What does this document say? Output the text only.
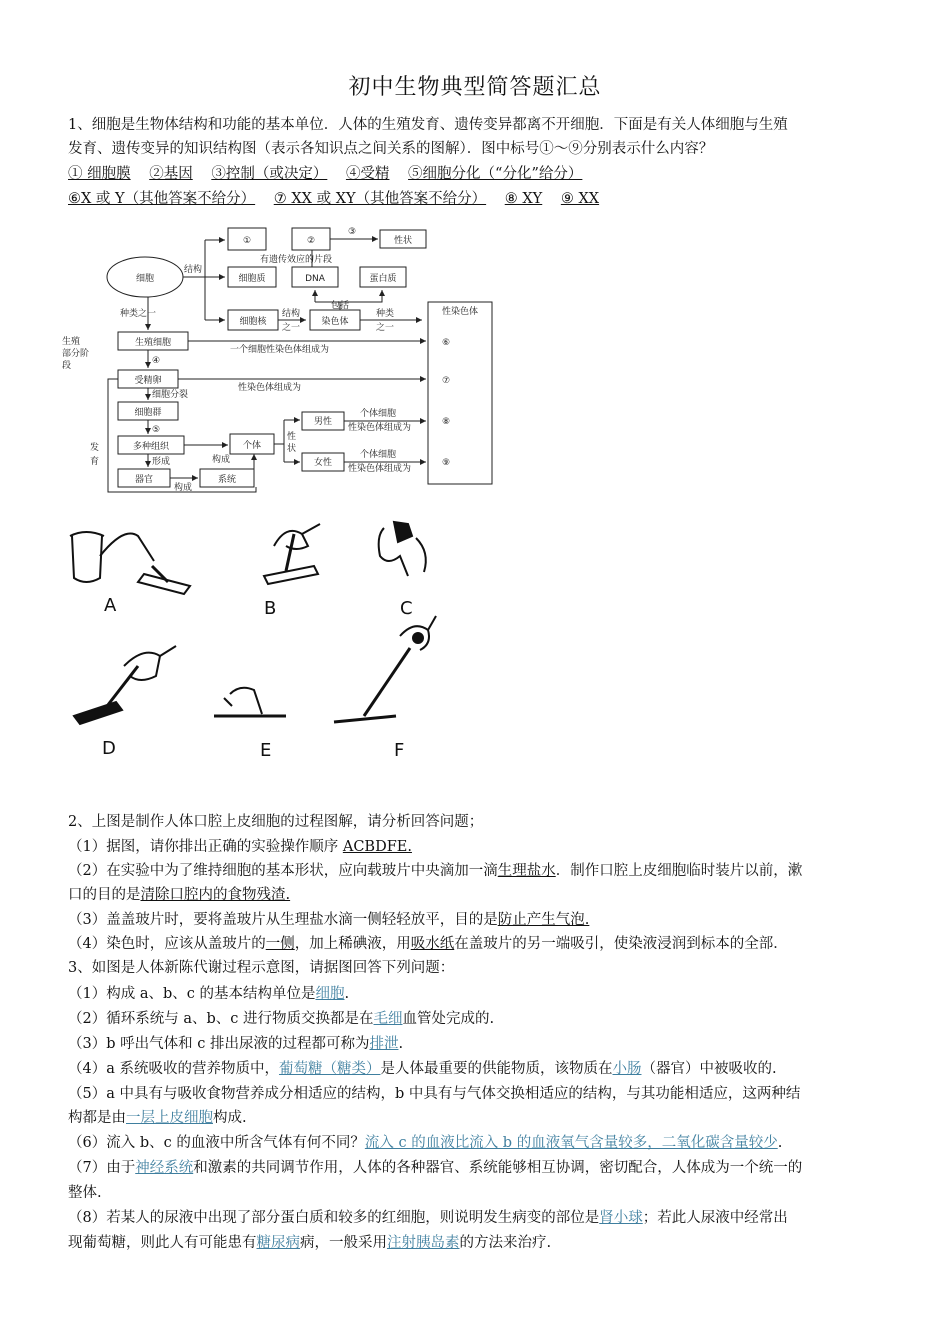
初中生物典型简答题汇总
1、细胞是生物体结构和功能的基本单位．人体的生殖发育、遗传变异都离不开细胞．下面是有关人体细胞与生殖
发育、遗传变异的知识结构图（表示各知识点之间关系的图解）．图中标号①～⑨分别表示什么内容？
① 细胞膜 ②基因 ③控制（或决定） ④受精 ⑤细胞分化（“分化”给分）
⑥X 或 Y（其他答案不给分） ⑦ XX 或 XY（其他答案不给分） ⑧ XY ⑨ XX
细胞
结构
①	②
③
性状
有遗传效应的片段
细胞质	DNA	蛋白质
包括
细胞核
结构
之一
染色体
种类
之一
性染色体
种类之一
生殖
部分阶
段
生殖细胞
④
一个细胞性染色体组成为
⑥
受精卵
性染色体组成为
⑦
细胞分裂
细胞群
⑤
多种组织
形成
发
育
器官
构成
构成
系统
个体
性
状
男性
女性
个体细胞
性染色体组成为
⑧
个体细胞
性染色体组成为
⑨
A	B	C
D	E	F
2、上图是制作人体口腔上皮细胞的过程图解，请分析回答问题；
（1）据图，请你排出正确的实验操作顺序 ACBDFE.
（2）在实验中为了维持细胞的基本形状，应向载玻片中央滴加一滴生理盐水．制作口腔上皮细胞临时装片以前，漱
口的目的是清除口腔内的食物残渣.
（3）盖盖玻片时，要将盖玻片从生理盐水滴一侧轻轻放平，目的是防止产生气泡.
（4）染色时，应该从盖玻片的一侧，加上稀碘液，用吸水纸在盖玻片的另一端吸引，使染液浸润到标本的全部．
3、如图是人体新陈代谢过程示意图，请据图回答下列问题：
（1）构成 a、b、c 的基本结构单位是细胞.
（2）循环系统与 a、b、c 进行物质交换都是在毛细血管处完成的.
（3）b 呼出气体和 c 排出尿液的过程都可称为排泄.
（4）a 系统吸收的营养物质中，葡萄糖（糖类）是人体最重要的供能物质，该物质在小肠（器官）中被吸收的.
（5）a 中具有与吸收食物营养成分相适应的结构，b 中具有与气体交换相适应的结构，与其功能相适应，这两种结
构都是由一层上皮细胞构成.
（6）流入 b、c 的血液中所含气体有何不同？流入 c 的血液比流入 b 的血液氧气含量较多，二氧化碳含量较少.
（7）由于神经系统和激素的共同调节作用，人体的各种器官、系统能够相互协调，密切配合，人体成为一个统一的
整体.
（8）若某人的尿液中出现了部分蛋白质和较多的红细胞，则说明发生病变的部位是肾小球；若此人尿液中经常出
现葡萄糖，则此人有可能患有糖尿病病，一般采用注射胰岛素的方法来治疗.
